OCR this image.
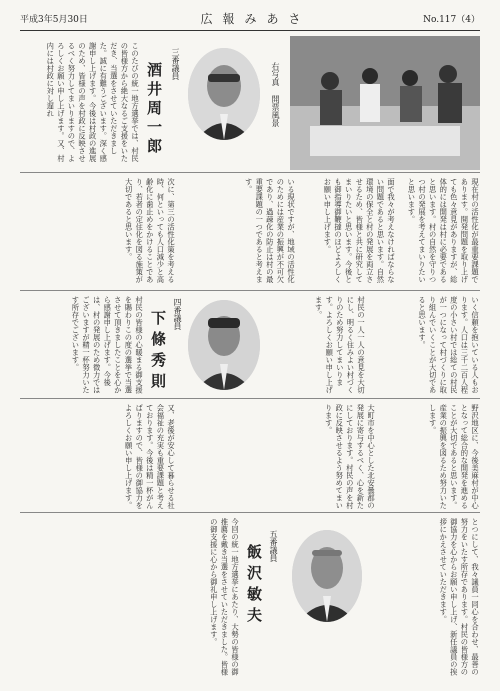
平成3年5月30日	広報みあさ	No.117（4）
右写真 開票風景
三番議員
酒井周一郎
このたびの統一地方選挙では、村民の皆様方から絶大なるご支援をいただき、当選をさせていただきました。誠に有難うございます。深く感謝申し上げます。今後は村政の進展のため、皆様の声を村政に反映させるべく努力してまいりますので、よろしくお願い申し上げます。又、村内には村政に対し遅れ
現在村の活性化が最重要課題であります。開発問題を取り上げても色々意見がありますが、総体的には開発は村に必要であると思います。村の自然を守りつつ村の発展を考えてまいりたいと思います。
面で我々が考えなければならない問題であると思います。自然環境の保全と村の発展を両立させるため、皆様と共に研究してまいりたいと思います。今後とも御指導御鞭撻のほどよろしくお願い申し上げます。
いる現状ですが、地域の活性化のためには産業の振興が不可欠であり、過疎化の防止は村の最重要課題の一つであると考えます。
次に、第三の活性化策を考える時、何といっても人口減少と高齢化に歯止めをかけることであり、若者の定住化を図る施策が大切であると思います。
いく信頼を抱いている人もおります。人口は三千二百人程度の小さい村では総ての村民が一つになって村づくりに取り組んでいくことが大切であると思います。
村民の一人一人の意見を大切にし、明るく住みよい村づくりのため努力してまいります。よろしくお願い申し上げます。
四番議員
下條秀則
村民の皆様の心暖まる御支援を賜わりこの度の選挙で当選させて頂きましたことを心から感謝申し上げます。今後は、村の発展のため微力ではございますが精一杯努力いたす所存でございます。
野沢地区に、今後美麻村が中心となって総合的な開発を進めることが大切であると思います。産業の振興を図るため努力いたします。
大町市を中心とした北安曇郡の発展に寄与するべく、心を新たにしております。村民の声を村政に反映させるよう努めてまいります。
又、老後が安心して暮らせる社会福祉の充実も重要課題と考えております。今後は精一杯がんばりますので、皆様の御協力をよろしくお願い申し上げます。
とつにして、我々議員一同心を合わせ、最善の努力をいたす所存であります。村民の皆様方の御協力を心からお願い申し上げ、新任議員の挨拶にかえさせていただきます。
五番議員
飯沢敏夫
今回の統一地方選挙にあたり、大勢の皆様の御推薦を戴き当選をさせていただきました。皆様の御支援に心から御礼申し上げます。
